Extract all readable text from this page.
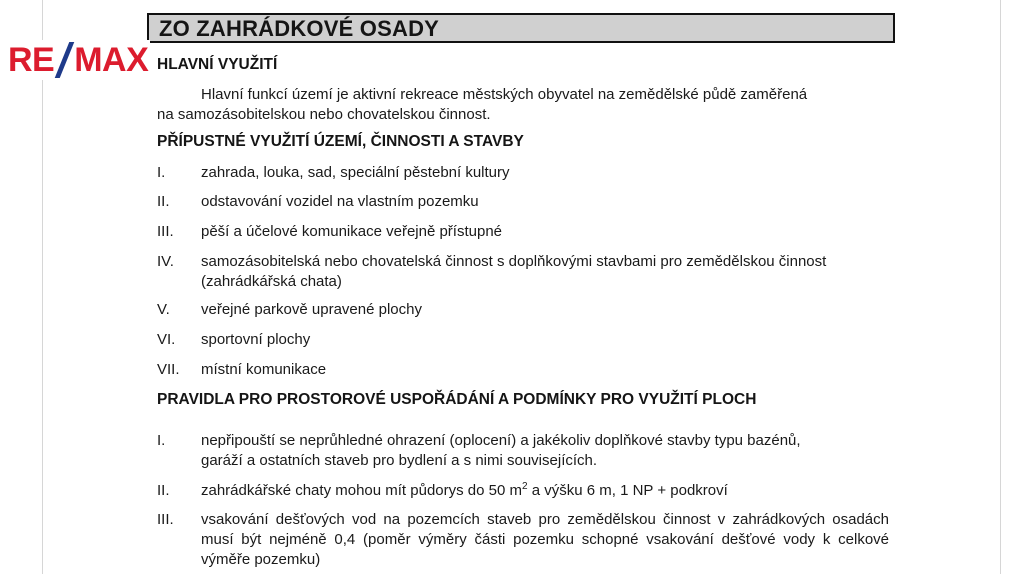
ZO ZAHRÁDKOVÉ OSADY
RE MAX HLAVNÍ VYUŽITÍ
Hlavní funkcí území je aktivní rekreace městských obyvatel na zemědělské půdě zaměřená
na samozásobitelskou nebo chovatelskou činnost.
PŘÍPUSTNÉ VYUŽITÍ ÚZEMÍ, ČINNOSTI A STAVBY
I. zahrada, louka, sad, speciální pěstební kultury
II. odstavování vozidel na vlastním pozemku
III. pěší a účelové komunikace veřejně přístupné
IV. samozásobitelská nebo chovatelská činnost s doplňkovými stavbami pro zemědělskou činnost
(zahrádkářská chata)
V. veřejné parkově upravené plochy
VI. sportovní plochy
VII. místní komunikace
PRAVIDLA PRO PROSTOROVÉ USPOŘÁDÁNÍ A PODMÍNKY PRO VYUŽITÍ PLOCH
I. nepřipouští se neprůhledné ohrazení (oplocení) a jakékoliv doplňkové stavby typu bazénů,
garáží a ostatních staveb pro bydlení a s nimi souvisejících.
II. zahrádkářské chaty mohou mít půdorys do 50 $m^2$ a výšku 6 m, 1 NP + podkroví
III. vsakování dešťových vod na pozemcích staveb pro zemědělskou činnost v zahrádkových osadách musí být nejméně 0,4 (poměr výměry části pozemku schopné vsakování dešťové vody k celkové výměře pozemku)
